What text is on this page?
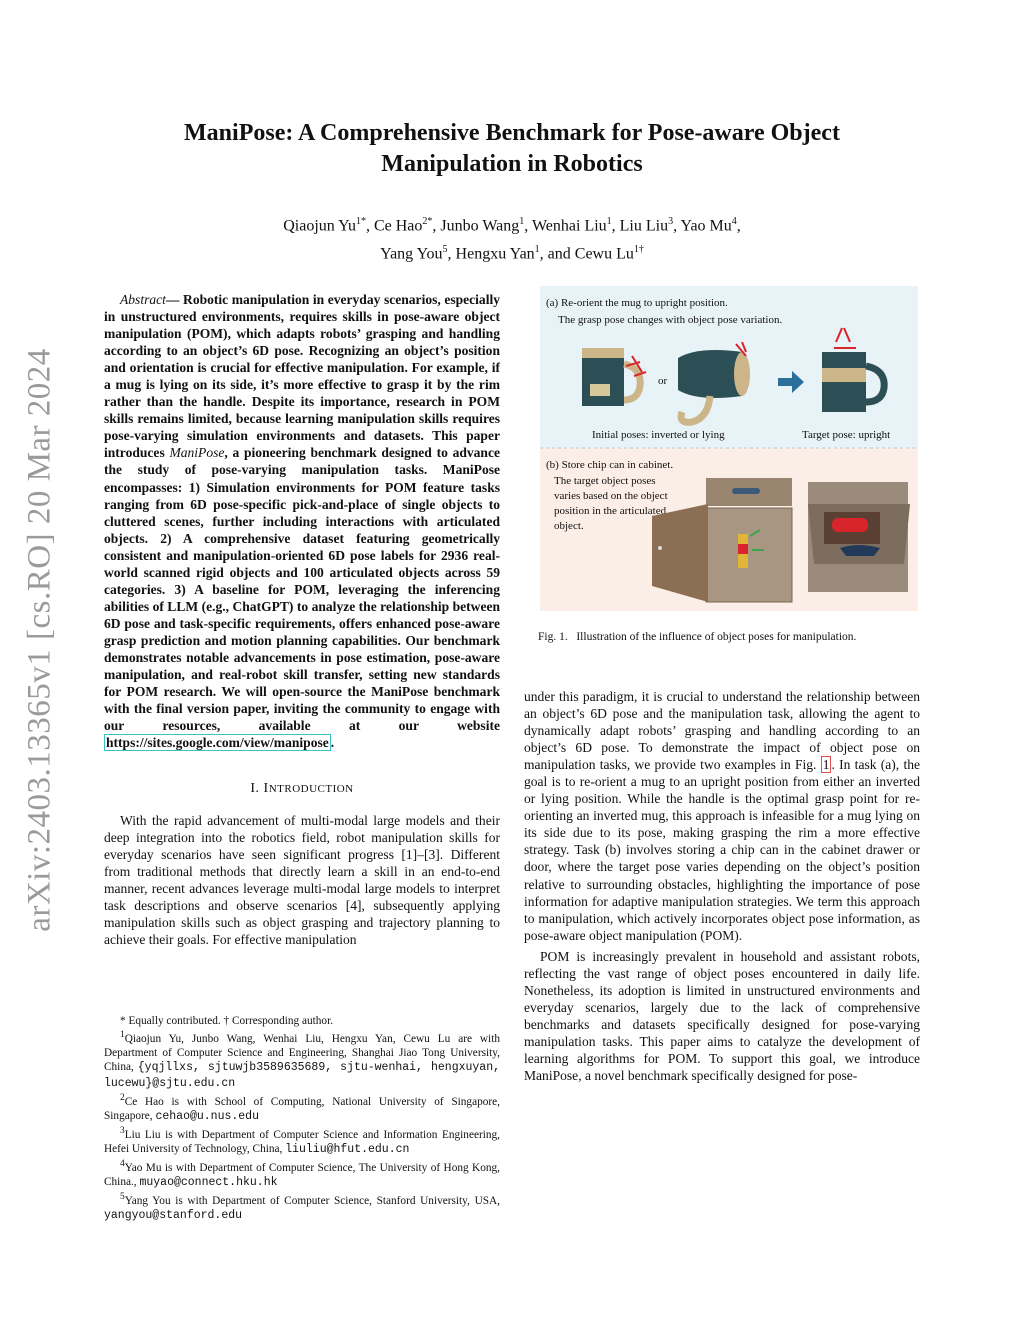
arXiv:2403.13365v1 [cs.RO] 20 Mar 2024
ManiPose: A Comprehensive Benchmark for Pose-aware Object
Manipulation in Robotics
Qiaojun $Yu^{1*}$, Ce Hao$^{2*}$, Junbo Wang$^1$, Wenhai Liu$^1$, Liu Liu$^3$, Yao Mu$^4$,
Yang You$^5$, Hengxu Yan$^1$, and Cewu $Lu^{1\dagger}$

Abstract— Robotic manipulation in everyday scenarios, especially in unstructured environments, requires skills in pose-aware object manipulation (POM), which adapts robots’ grasping and handling according to an object’s 6D pose. Recognizing an object’s position and orientation is crucial for effective manipulation. For example, if a mug is lying on its side, it’s more effective to grasp it by the rim rather than the handle. Despite its importance, research in POM skills remains limited, because learning manipulation skills requires pose-varying simulation environments and datasets. This paper introduces ManiPose, a pioneering benchmark designed to advance the study of pose-varying manipulation tasks. ManiPose encompasses: 1) Simulation environments for POM feature tasks ranging from 6D pose-specific pick-and-place of single objects to cluttered scenes, further including interactions with articulated objects. 2) A comprehensive dataset featuring geometrically consistent and manipulation-oriented 6D pose labels for 2936 real-world scanned rigid objects and 100 articulated objects across 59 categories. 3) A baseline for POM, leveraging the inferencing abilities of LLM (e.g., ChatGPT) to analyze the relationship between 6D pose and task-specific requirements, offers enhanced pose-aware grasp prediction and motion planning capabilities. Our benchmark demonstrates notable advancements in pose estimation, pose-aware manipulation, and real-robot skill transfer, setting new standards for POM research. We will open-source the ManiPose benchmark with the final version paper, inviting the community to engage with our resources, available at our website https://sites.google.com/view/manipose .

I. INTRODUCTION

With the rapid advancement of multi-modal large models and their deep integration into the robotics field, robot manipulation skills for everyday scenarios have seen significant progress [1]–[3]. Different from traditional methods that directly learn a skill in an end-to-end manner, recent advances leverage multi-modal large models to interpret task descriptions and observe scenarios [4], subsequently applying manipulation skills such as object grasping and trajectory planning to achieve their goals. For effective manipulation

* Equally contributed. † Corresponding author.

$^1$Qiaojun Yu, Junbo Wang, Wenhai Liu, Hengxu Yan, Cewu Lu are with Department of Computer Science and Engineering, Shanghai Jiao Tong University, China, {yqjllxs, sjtuwjb3589635689, sjtu-wenhai, hengxuyan, lucewu}@sjtu.edu.cn

$^2$Ce Hao is with School of Computing, National University of Singapore, Singapore, cehao@u.nus.edu

$^3$Liu Liu is with Department of Computer Science and Information Engineering, Hefei University of Technology, China, liuliu@hfut.edu.cn

$^4$Yao Mu is with Department of Computer Science, The University of Hong Kong, China., muyao@connect.hku.hk

$^5$Yang You is with Department of Computer Science, Stanford University, USA, yangyou@stanford.edu

(a) Re-orient the mug to upright position.
The grasp pose changes with object pose variation.
or
Initial poses: inverted or lying	Target pose: upright
(b) Store chip can in cabinet.
The target object poses
varies based on the object
position in the articulated
object.
Fig. 1. Illustration of the influence of object poses for manipulation.

under this paradigm, it is crucial to understand the relationship between an object’s 6D pose and the manipulation task, allowing the agent to dynamically adapt robots’ grasping and handling according to an object’s 6D pose. To demonstrate the impact of object pose on manipulation tasks, we provide two examples in Fig. 1 . In task (a), the goal is to re-orient a mug to an upright position from either an inverted or lying position. While the handle is the optimal grasp point for re-orienting an inverted mug, this approach is infeasible for a mug lying on its side due to its pose, making grasping the rim a more effective strategy. Task (b) involves storing a chip can in the cabinet drawer or door, where the target pose varies depending on the object’s position relative to surrounding obstacles, highlighting the importance of pose information for adaptive manipulation strategies. We term this approach to manipulation, which actively incorporates object pose information, as pose-aware object manipulation (POM).

POM is increasingly prevalent in household and assistant robots, reflecting the vast range of object poses encountered in daily life. Nonetheless, its adoption is limited in unstructured environments and everyday scenarios, largely due to the lack of comprehensive benchmarks and datasets specifically designed for pose-varying manipulation tasks. This paper aims to catalyze the development of learning algorithms for POM. To support this goal, we introduce ManiPose, a novel benchmark specifically designed for pose-
